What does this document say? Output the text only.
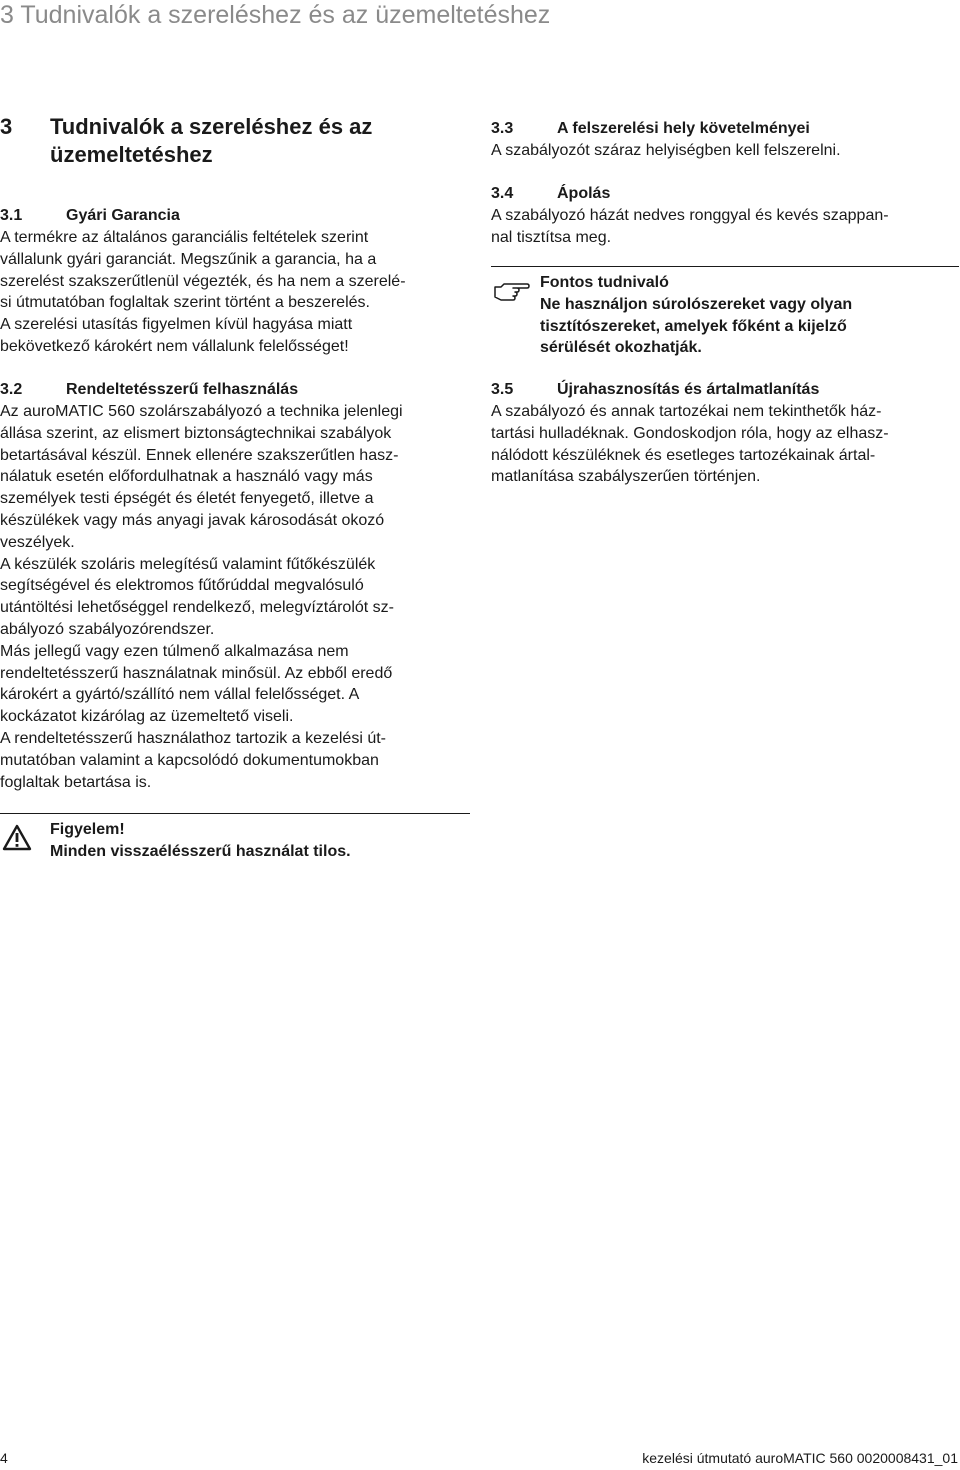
3 Tudnivalók a szereléshez és az üzemeltetéshez
3 Tudnivalók a szereléshez és az
üzemeltetéshez
3.1	Gyári Garancia

A termékre az általános garanciális feltételek szerint
vállalunk gyári garanciát. Megszűnik a garancia, ha a
szerelést szakszerűtlenül végezték, és ha nem a szerelé-
si útmutatóban foglaltak szerint történt a beszerelés.
A szerelési utasítás figyelmen kívül hagyása miatt
bekövetkező károkért nem vállalunk felelősséget!

3.2	Rendeltetésszerű felhasználás

Az auroMATIC 560 szolárszabályozó a technika jelenlegi
állása szerint, az elismert biztonságtechnikai szabályok
betartásával készül. Ennek ellenére szakszerűtlen hasz-
nálatuk esetén előfordulhatnak a használó vagy más
személyek testi épségét és életét fenyegető, illetve a
készülékek vagy más anyagi javak károsodását okozó
veszélyek.
A készülék szoláris melegítésű valamint fűtőkészülék
segítségével és elektromos fűtőrúddal megvalósuló
utántöltési lehetőséggel rendelkező, melegvíztárolót sz-
abályozó szabályozórendszer.
Más jellegű vagy ezen túlmenő alkalmazása nem
rendeltetésszerű használatnak minősül. Az ebből eredő
károkért a gyártó/szállító nem vállal felelősséget. A
kockázatot kizárólag az üzemeltető viseli.
A rendeltetésszerű használathoz tartozik a kezelési út-
mutatóban valamint a kapcsolódó dokumentumokban
foglaltak betartása is.

Figyelem!
Minden visszaélésszerű használat tilos.
3.3	A felszerelési hely követelményei

A szabályozót száraz helyiségben kell felszerelni.

3.4	Ápolás

A szabályozó házát nedves ronggyal és kevés szappan-
nal tisztítsa meg.

Fontos tudnivaló
Ne használjon súrolószereket vagy olyan
tisztítószereket, amelyek főként a kijelző
sérülését okozhatják.
3.5	Újrahasznosítás és ártalmatlanítás

A szabályozó és annak tartozékai nem tekinthetők ház-
tartási hulladéknak. Gondoskodjon róla, hogy az elhasz-
nálódott készüléknek és esetleges tartozékainak ártal-
matlanítása szabályszerűen történjen.

4	kezelési útmutató auroMATIC 560 0020008431_01
